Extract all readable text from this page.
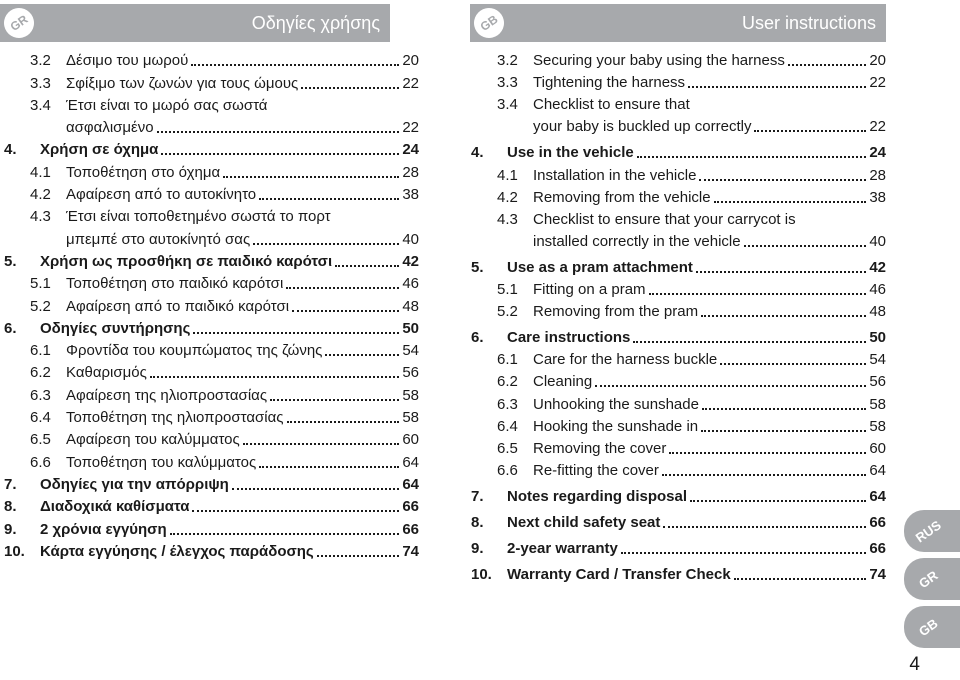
GR	Οδηγίες χρήσης	GB	User instructions
3.2	Δέσιμο του μωρού	20
3.3	Σφίξιμο των ζωνών για τους ώμους	22
3.4	Έτσι είναι το μωρό σας σωστά
ασφαλισμένο	22
4.	Χρήση σε όχημα	24
4.1	Τοποθέτηση στο όχημα	28
4.2	Αφαίρεση από το αυτοκίνητο	38
4.3	Έτσι είναι τοποθετημένο σωστά το πορτ
μπεμπέ στο αυτοκίνητό σας	40
5.	Χρήση ως προσθήκη σε παιδικό καρότσι	42
5.1	Τοποθέτηση στο παιδικό καρότσι	46
5.2	Αφαίρεση από το παιδικό καρότσι	48
6.	Οδηγίες συντήρησης	50
6.1	Φροντίδα του κουμπώματος της ζώνης	54
6.2	Καθαρισμός	56
6.3	Αφαίρεση της ηλιοπροστασίας	58
6.4	Τοποθέτηση της ηλιοπροστασίας	58
6.5	Αφαίρεση του καλύμματος	60
6.6	Τοποθέτηση του καλύμματος	64
7.	Οδηγίες για την απόρριψη	64
8.	Διαδοχικά καθίσματα	66
9.	2 χρόνια εγγύηση	66
10.	Κάρτα εγγύησης / έλεγχος παράδοσης	74
3.2	Securing your baby using the harness	20
3.3	Tightening the harness	22
3.4	Checklist to ensure that
your baby is buckled up correctly	22
4.	Use in the vehicle	24
4.1	Installation in the vehicle	28
4.2	Removing from the vehicle	38
4.3	Checklist to ensure that your carrycot is
installed correctly in the vehicle	40
5.	Use as a pram attachment	42
5.1	Fitting on a pram	46
5.2	Removing from the pram	48
6.	Care instructions	50
6.1	Care for the harness buckle	54
6.2	Cleaning	56
6.3	Unhooking the sunshade	58
6.4	Hooking the sunshade in	58
6.5	Removing the cover	60
6.6	Re-fitting the cover	64
7.	Notes regarding disposal	64
8.	Next child safety seat	66
9.	2-year warranty	66
10.	Warranty Card / Transfer Check	74
RUS
GR
GB
4
